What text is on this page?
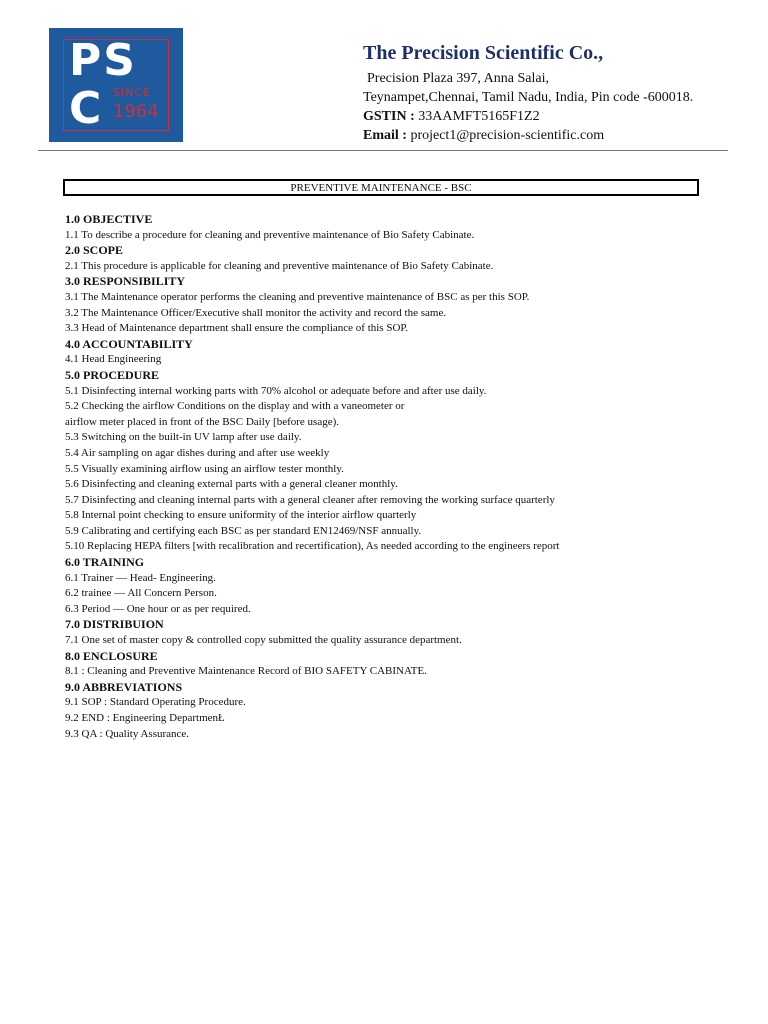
PS
C SINCE
1964
The Precision Scientific Co.,
Precision Plaza 397, Anna Salai,
Teynampet,Chennai, Tamil Nadu, India, Pin code -600018.
GSTIN : 33AAMFT5165F1Z2
Email : project1@precision-scientific.com
PREVENTIVE MAINTENANCE - BSC
1.0 OBJECTIVE
1.1 To describe a procedure for cleaning and preventive maintenance of Bio Safety Cabinate.
2.0 SCOPE
2.1 This procedure is applicable for cleaning and preventive maintenance of Bio Safety Cabinate.
3.0 RESPONSIBILITY
3.1 The Maintenance operator performs the cleaning and preventive maintenance of BSC as per this SOP.
3.2 The Maintenance Officer/Executive shall monitor the activity and record the same.
3.3 Head of Maintenance department shall ensure the compliance of this SOP.
4.0 ACCOUNTABILITY
4.1 Head Engineering
5.0 PROCEDURE
5.1 Disinfecting internal working parts with 70% alcohol or adequate before and after use daily.
5.2 Checking the airflow Conditions on the display and with a vaneometer or
airflow meter placed in front of the BSC Daily [before usage).
5.3 Switching on the built-in UV lamp after use daily.
5.4 Air sampling on agar dishes during and after use weekly
5.5 Visually examining airflow using an airflow tester monthly.
5.6 Disinfecting and cleaning external parts with a general cleaner monthly.
5.7 Disinfecting and cleaning internal parts with a general cleaner after removing the working surface quarterly
5.8 Internal point checking to ensure uniformity of the interior airflow quarterly
5.9 Calibrating and certifying each BSC as per standard EN12469/NSF annually.
5.10 Replacing HEPA filters [with recalibration and recertification), As needed according to the engineers report
6.0 TRAINING
6.1 Trainer — Head- Engineering.
6.2 trainee — All Concern Person.
6.3 Period — One hour or as per required.
7.0 DISTRIBUION
7.1 One set of master copy & controlled copy submitted the quality assurance department.
8.0 ENCLOSURE
8.1 : Cleaning and Preventive Maintenance Record of BIO SAFETY CABINATE.
9.0 ABBREVIATIONS
9.1 SOP : Standard Operating Procedure.
9.2 END : Engineering DepartmenŁ
9.3 QA : Quality Assurance.
